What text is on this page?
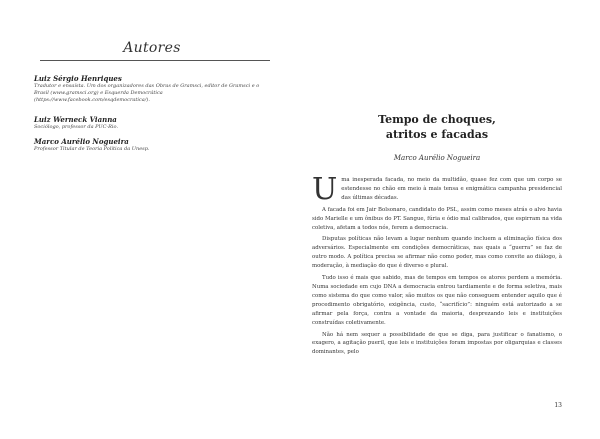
Autores
Luiz Sérgio Henriques
Tradutor e ensaísta. Um dos organizadores das Obras de Gramsci, editor de Gramsci e o Brasil (www.gramsci.org) e Esquerda Democrática (https://www.facebook.com/esqdemocratica/).
Luiz Werneck Vianna
Sociólogo, professor da PUC-Rio.
Marco Aurélio Nogueira
Professor Titular de Teoria Política da Unesp.
Tempo de choques,
atritos e facadas
Marco Aurélio Nogueira

Uma inesperada facada, no meio da multidão, quase fez com que um corpo se estendesse no chão em meio à mais tensa e enigmática campanha presidencial das últimas décadas.

A facada foi em Jair Bolsonaro, candidato do PSL, assim como meses atrás o alvo havia sido Marielle e um ônibus do PT. Sangue, fúria e ódio mal calibrados, que espirram na vida coletiva, afetam a todos nós, ferem a democracia.

Disputas políticas não levam a lugar nenhum quando incluem a eliminação física dos adversários. Especialmente em condições democráticas, nas quais a “guerra” se faz de outro modo. A política precisa se afirmar não como poder, mas como convite ao diálogo, à moderação, à mediação do que é diverso e plural.

Tudo isso é mais que sabido, mas de tempos em tempos os atores perdem a memória. Numa sociedade em cujo DNA a democracia entrou tardiamente e de forma seletiva, mais como sistema do que como valor, são muitos os que não conseguem entender aquilo que é procedimento obrigatório, exigência, custo, “sacrifício”: ninguém está autorizado a se afirmar pela força, contra a vontade da maioria, desprezando leis e instituições construídas coletivamente.

Não há nem sequer a possibilidade de que se diga, para justificar o fanatismo, o exagero, a agitação pueril, que leis e instituições foram impostas por oligarquias e classes dominantes, pelo

13
